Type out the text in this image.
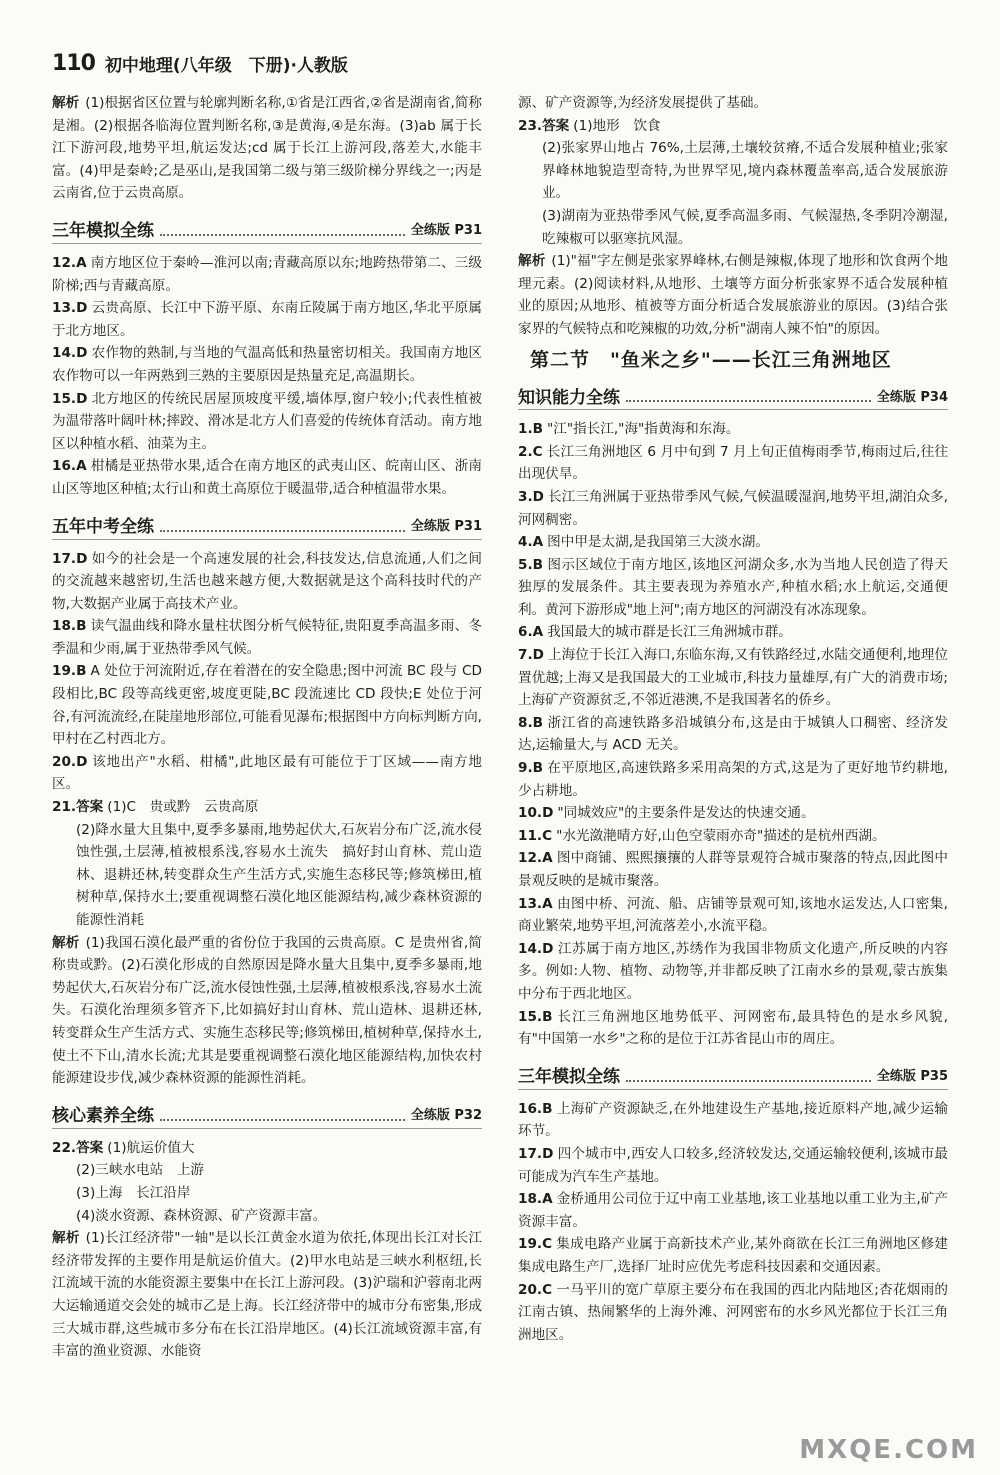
110 初中地理(八年级　下册)·人教版

解析 (1)根据省区位置与轮廓判断名称,①省是江西省,②省是湖南省,简称是湘。(2)根据各临海位置判断名称,③是黄海,④是东海。(3)ab 属于长江下游河段,地势平坦,航运发达;cd 属于长江上游河段,落差大,水能丰富。(4)甲是秦岭;乙是巫山,是我国第二级与第三级阶梯分界线之一;丙是云南省,位于云贵高原。

三年模拟全练	全练版 P31

12.A 南方地区位于秦岭—淮河以南;青藏高原以东;地跨热带第二、三级阶梯;西与青藏高原。

13.D 云贵高原、长江中下游平原、东南丘陵属于南方地区,华北平原属于北方地区。

14.D 农作物的熟制,与当地的气温高低和热量密切相关。我国南方地区农作物可以一年两熟到三熟的主要原因是热量充足,高温期长。

15.D 北方地区的传统民居屋顶坡度平缓,墙体厚,窗户较小;代表性植被为温带落叶阔叶林;摔跤、滑冰是北方人们喜爱的传统体育活动。南方地区以种植水稻、油菜为主。

16.A 柑橘是亚热带水果,适合在南方地区的武夷山区、皖南山区、浙南山区等地区种植;太行山和黄土高原位于暖温带,适合种植温带水果。

五年中考全练	全练版 P31

17.D 如今的社会是一个高速发展的社会,科技发达,信息流通,人们之间的交流越来越密切,生活也越来越方便,大数据就是这个高科技时代的产物,大数据产业属于高技术产业。

18.B 读气温曲线和降水量柱状图分析气候特征,贵阳夏季高温多雨、冬季温和少雨,属于亚热带季风气候。

19.B A 处位于河流附近,存在着潜在的安全隐患;图中河流 BC 段与 CD 段相比,BC 段等高线更密,坡度更陡,BC 段流速比 CD 段快;E 处位于河谷,有河流流经,在陡崖地形部位,可能看见瀑布;根据图中方向标判断方向,甲村在乙村西北方。

20.D 该地出产"水稻、柑橘",此地区最有可能位于丁区域——南方地区。

21.答案 (1)C　贵或黔　云贵高原

(2)降水量大且集中,夏季多暴雨,地势起伏大,石灰岩分布广泛,流水侵蚀性强,土层薄,植被根系浅,容易水土流失　搞好封山育林、荒山造林、退耕还林,转变群众生产生活方式,实施生态移民等;修筑梯田,植树种草,保持水土;要重视调整石漠化地区能源结构,减少森林资源的能源性消耗

解析 (1)我国石漠化最严重的省份位于我国的云贵高原。C 是贵州省,简称贵或黔。(2)石漠化形成的自然原因是降水量大且集中,夏季多暴雨,地势起伏大,石灰岩分布广泛,流水侵蚀性强,土层薄,植被根系浅,容易水土流失。石漠化治理须多管齐下,比如搞好封山育林、荒山造林、退耕还林,转变群众生产生活方式、实施生态移民等;修筑梯田,植树种草,保持水土,使土不下山,清水长流;尤其是要重视调整石漠化地区能源结构,加快农村能源建设步伐,减少森林资源的能源性消耗。

核心素养全练	全练版 P32

22.答案 (1)航运价值大

(2)三峡水电站　上游

(3)上海　长江沿岸

(4)淡水资源、森林资源、矿产资源丰富。

解析 (1)长江经济带"一轴"是以长江黄金水道为依托,体现出长江对长江经济带发挥的主要作用是航运价值大。(2)甲水电站是三峡水利枢纽,长江流域干流的水能资源主要集中在长江上游河段。(3)沪瑞和沪蓉南北两大运输通道交会处的城市乙是上海。长江经济带中的城市分布密集,形成三大城市群,这些城市多分布在长江沿岸地区。(4)长江流域资源丰富,有丰富的渔业资源、水能资

源、矿产资源等,为经济发展提供了基础。

23.答案 (1)地形　饮食

(2)张家界山地占 76%,土层薄,土壤较贫瘠,不适合发展种植业;张家界峰林地貌造型奇特,为世界罕见,境内森林覆盖率高,适合发展旅游业。

(3)湖南为亚热带季风气候,夏季高温多雨、气候湿热,冬季阴冷潮湿,吃辣椒可以驱寒抗风湿。

解析 (1)"福"字左侧是张家界峰林,右侧是辣椒,体现了地形和饮食两个地理元素。(2)阅读材料,从地形、土壤等方面分析张家界不适合发展种植业的原因;从地形、植被等方面分析适合发展旅游业的原因。(3)结合张家界的气候特点和吃辣椒的功效,分析"湖南人辣不怕"的原因。

第二节　"鱼米之乡"——长江三角洲地区
知识能力全练	全练版 P34

1.B "江"指长江,"海"指黄海和东海。

2.C 长江三角洲地区 6 月中旬到 7 月上旬正值梅雨季节,梅雨过后,往往出现伏旱。

3.D 长江三角洲属于亚热带季风气候,气候温暖湿润,地势平坦,湖泊众多,河网稠密。

4.A 图中甲是太湖,是我国第三大淡水湖。

5.B 图示区域位于南方地区,该地区河湖众多,水为当地人民创造了得天独厚的发展条件。其主要表现为养殖水产,种植水稻;水上航运,交通便利。黄河下游形成"地上河";南方地区的河湖没有冰冻现象。

6.A 我国最大的城市群是长江三角洲城市群。

7.D 上海位于长江入海口,东临东海,又有铁路经过,水陆交通便利,地理位置优越;上海又是我国最大的工业城市,科技力量雄厚,有广大的消费市场;上海矿产资源贫乏,不邻近港澳,不是我国著名的侨乡。

8.B 浙江省的高速铁路多沿城镇分布,这是由于城镇人口稠密、经济发达,运输量大,与 ACD 无关。

9.B 在平原地区,高速铁路多采用高架的方式,这是为了更好地节约耕地,少占耕地。

10.D "同城效应"的主要条件是发达的快速交通。

11.C "水光潋滟晴方好,山色空蒙雨亦奇"描述的是杭州西湖。

12.A 图中商铺、熙熙攘攘的人群等景观符合城市聚落的特点,因此图中景观反映的是城市聚落。

13.A 由图中桥、河流、船、店铺等景观可知,该地水运发达,人口密集,商业繁荣,地势平坦,河流落差小,水流平稳。

14.D 江苏属于南方地区,苏绣作为我国非物质文化遗产,所反映的内容多。例如:人物、植物、动物等,并非都反映了江南水乡的景观,蒙古族集中分布于西北地区。

15.B 长江三角洲地区地势低平、河网密布,最具特色的是水乡风貌,有"中国第一水乡"之称的是位于江苏省昆山市的周庄。

三年模拟全练	全练版 P35

16.B 上海矿产资源缺乏,在外地建设生产基地,接近原料产地,减少运输环节。

17.D 四个城市中,西安人口较多,经济较发达,交通运输较便利,该城市最可能成为汽车生产基地。

18.A 金桥通用公司位于辽中南工业基地,该工业基地以重工业为主,矿产资源丰富。

19.C 集成电路产业属于高新技术产业,某外商欲在长江三角洲地区修建集成电路生产厂,选择厂址时应优先考虑科技因素和交通因素。

20.C 一马平川的宽广草原主要分布在我国的西北内陆地区;杏花烟雨的江南古镇、热闹繁华的上海外滩、河网密布的水乡风光都位于长江三角洲地区。

MXQE.COM
